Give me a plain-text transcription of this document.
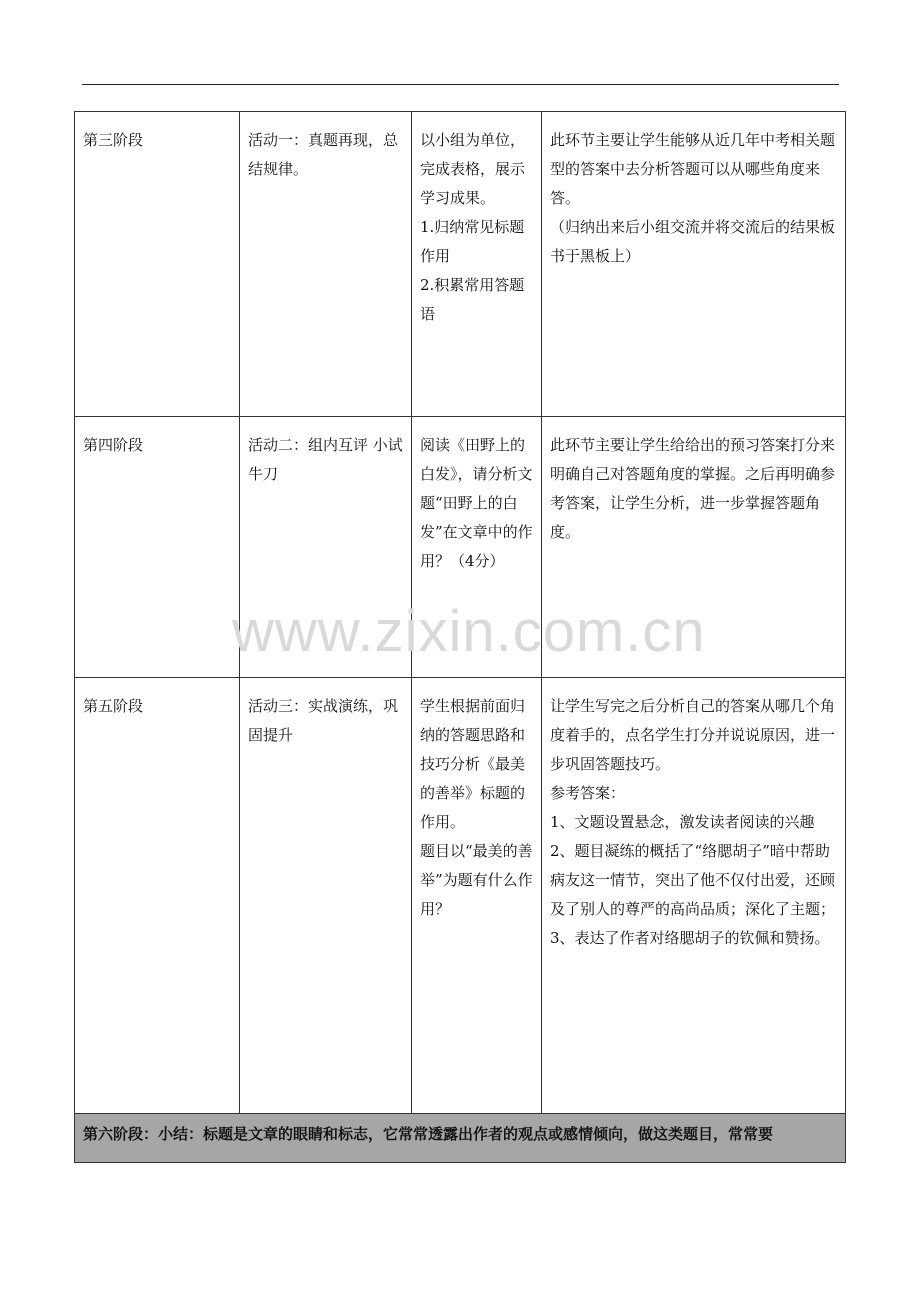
第三阶段	活动一：真题再现，总结规律。	以小组为单位，完成表格，展示学习成果。
1.归纳常见标题作用
2.积累常用答题语	此环节主要让学生能够从近几年中考相关题型的答案中去分析答题可以从哪些角度来答。
（归纳出来后小组交流并将交流后的结果板书于黑板上）

第四阶段	活动二：组内互评 小试牛刀	阅读《田野上的白发》，请分析文题“田野上的白发”在文章中的作用？（4分）	此环节主要让学生给给出的预习答案打分来明确自己对答题角度的掌握。之后再明确参考答案，让学生分析，进一步掌握答题角度。

第五阶段	活动三：实战演练，巩固提升	学生根据前面归纳的答题思路和技巧分析《最美的善举》标题的作用。
题目以“最美的善举”为题有什么作用？	让学生写完之后分析自己的答案从哪几个角度着手的，点名学生打分并说说原因，进一步巩固答题技巧。
参考答案：
1、文题设置悬念，激发读者阅读的兴趣
2、题目凝练的概括了“络腮胡子”暗中帮助病友这一情节，突出了他不仅付出爱，还顾及了别人的尊严的高尚品质；深化了主题；
3、表达了作者对络腮胡子的钦佩和赞扬。

第六阶段：小结：标题是文章的眼睛和标志，它常常透露出作者的观点或感情倾向，做这类题目，常常要			
www.zixin.com.cn
